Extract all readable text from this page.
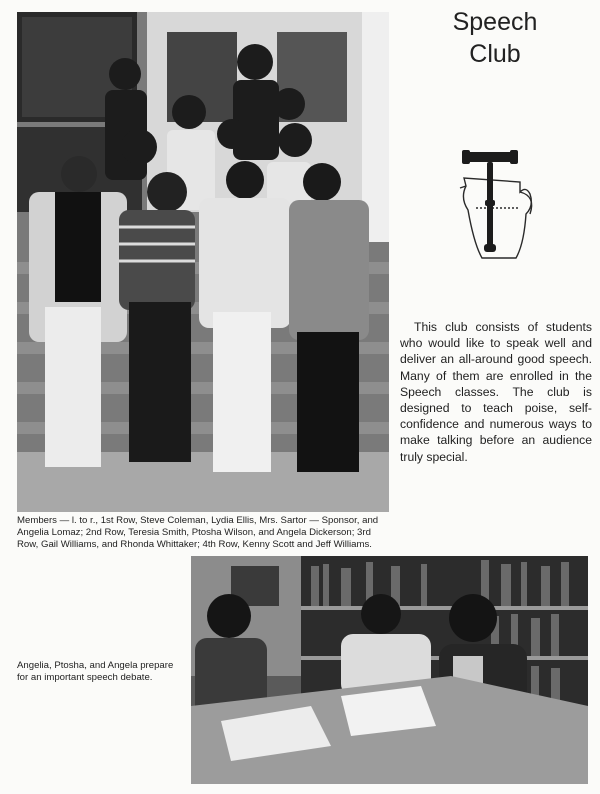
Speech
Club

This club consists of students who would like to speak well and deliver an all-around good speech. Many of them are enrolled in the Speech classes. The club is designed to teach poise, self-confidence and numerous ways to make talking before an audience truly special.

Members — l. to r., 1st Row, Steve Coleman, Lydia Ellis, Mrs. Sartor — Sponsor, and Angelia Lomaz; 2nd Row, Teresia Smith, Ptosha Wilson, and Angela Dickerson; 3rd Row, Gail Williams, and Rhonda Whittaker; 4th Row, Kenny Scott and Jeff Williams.

Angelia, Ptosha, and Angela prepare for an important speech debate.
